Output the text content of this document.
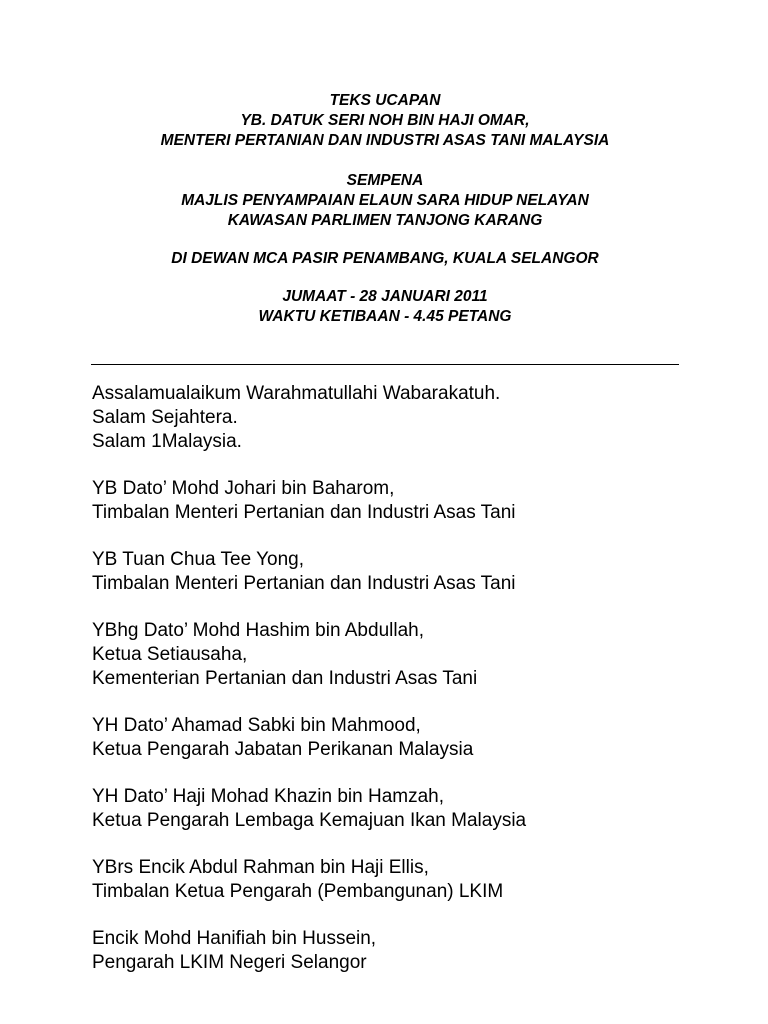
TEKS UCAPAN
YB. DATUK SERI NOH BIN HAJI OMAR,
MENTERI PERTANIAN DAN INDUSTRI ASAS TANI MALAYSIA
SEMPENA
MAJLIS PENYAMPAIAN ELAUN SARA HIDUP NELAYAN
KAWASAN PARLIMEN TANJONG KARANG
DI DEWAN MCA PASIR PENAMBANG, KUALA SELANGOR
JUMAAT - 28 JANUARI 2011
WAKTU KETIBAAN - 4.45 PETANG
Assalamualaikum Warahmatullahi Wabarakatuh.
Salam Sejahtera.
Salam 1Malaysia.
YB Dato’ Mohd Johari bin Baharom,
Timbalan Menteri Pertanian dan Industri Asas Tani
YB Tuan Chua Tee Yong,
Timbalan Menteri Pertanian dan Industri Asas Tani
YBhg Dato’ Mohd Hashim bin Abdullah,
Ketua Setiausaha,
Kementerian Pertanian dan Industri Asas Tani
YH Dato’ Ahamad Sabki bin Mahmood,
Ketua Pengarah Jabatan Perikanan Malaysia
YH Dato’ Haji Mohad Khazin bin Hamzah,
Ketua Pengarah Lembaga Kemajuan Ikan Malaysia
YBrs Encik Abdul Rahman bin Haji Ellis,
Timbalan Ketua Pengarah (Pembangunan) LKIM
Encik Mohd Hanifiah bin Hussein,
Pengarah LKIM Negeri Selangor
